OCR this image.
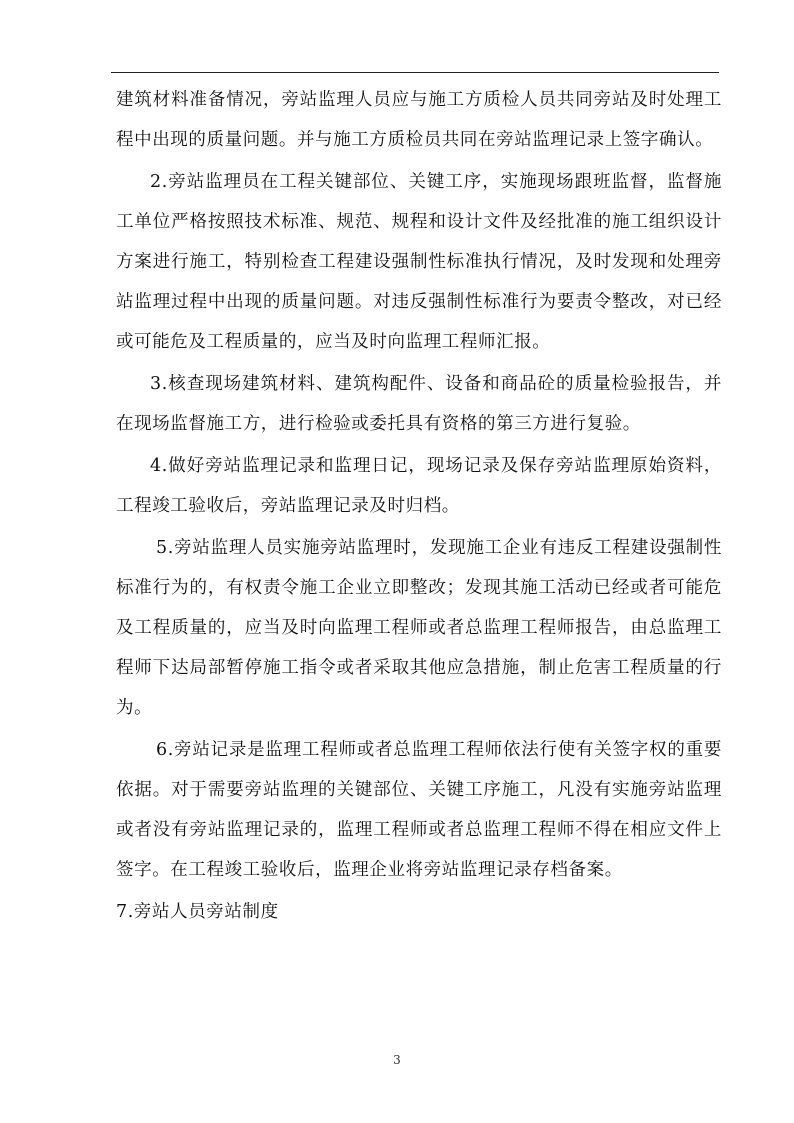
建筑材料准备情况，旁站监理人员应与施工方质检人员共同旁站及时处理工程中出现的质量问题。并与施工方质检员共同在旁站监理记录上签字确认。

2.旁站监理员在工程关键部位、关键工序，实施现场跟班监督，监督施工单位严格按照技术标准、规范、规程和设计文件及经批准的施工组织设计方案进行施工，特别检查工程建设强制性标准执行情况，及时发现和处理旁站监理过程中出现的质量问题。对违反强制性标准行为要责令整改，对已经或可能危及工程质量的，应当及时向监理工程师汇报。

3.核查现场建筑材料、建筑构配件、设备和商品砼的质量检验报告，并在现场监督施工方，进行检验或委托具有资格的第三方进行复验。

4.做好旁站监理记录和监理日记，现场记录及保存旁站监理原始资料，工程竣工验收后，旁站监理记录及时归档。

5.旁站监理人员实施旁站监理时，发现施工企业有违反工程建设强制性标准行为的，有权责令施工企业立即整改；发现其施工活动已经或者可能危及工程质量的，应当及时向监理工程师或者总监理工程师报告，由总监理工程师下达局部暂停施工指令或者采取其他应急措施，制止危害工程质量的行为。

6.旁站记录是监理工程师或者总监理工程师依法行使有关签字权的重要依据。对于需要旁站监理的关键部位、关键工序施工，凡没有实施旁站监理或者没有旁站监理记录的，监理工程师或者总监理工程师不得在相应文件上签字。在工程竣工验收后，监理企业将旁站监理记录存档备案。

7.旁站人员旁站制度

3
